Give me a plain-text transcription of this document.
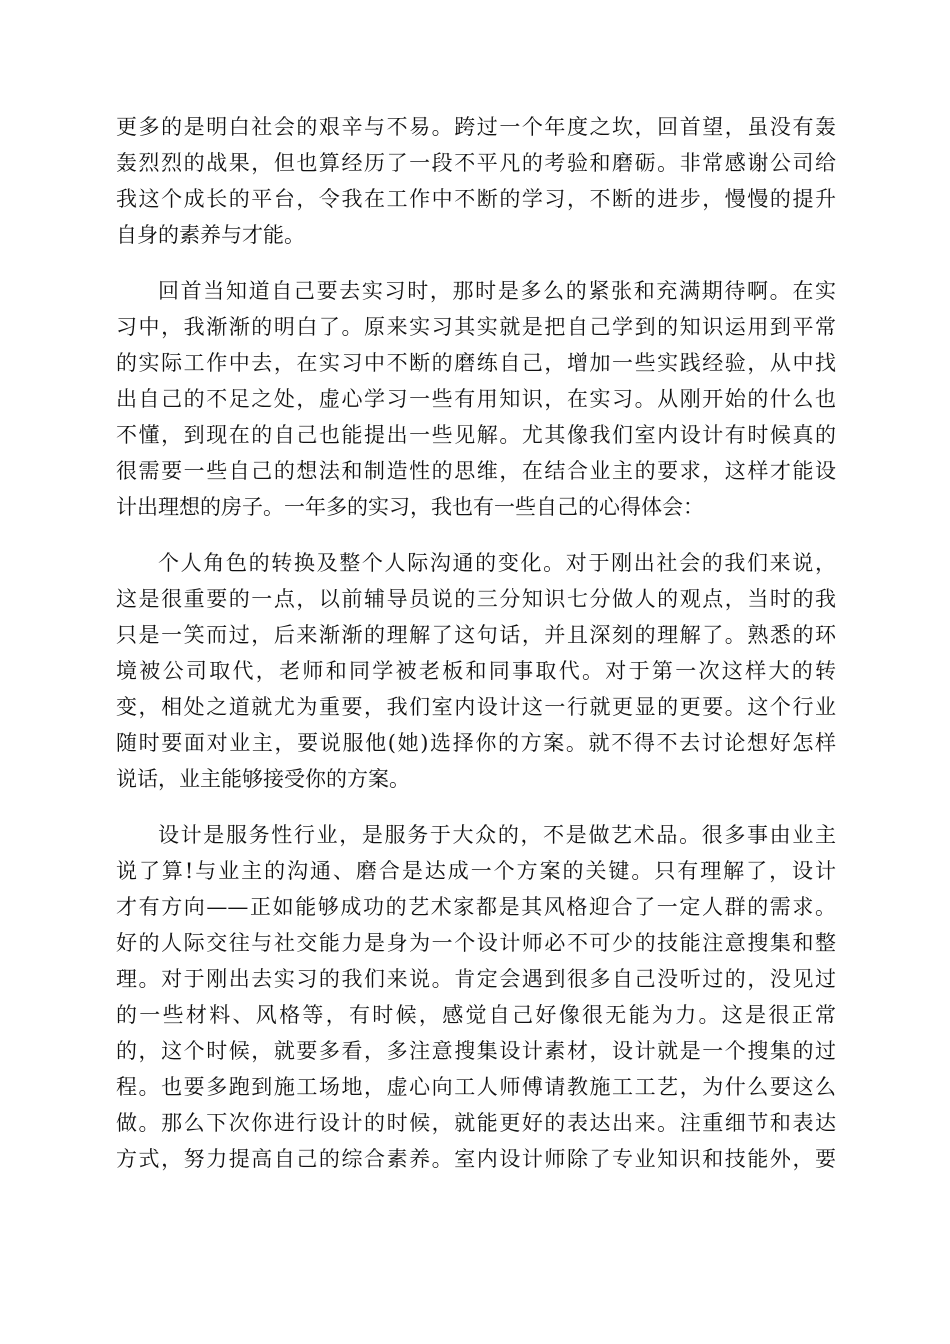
更多的是明白社会的艰辛与不易。跨过一个年度之坎，回首望，虽没有轰
轰烈烈的战果，但也算经历了一段不平凡的考验和磨砺。非常感谢公司给
我这个成长的平台，令我在工作中不断的学习，不断的进步，慢慢的提升
自身的素养与才能。
回首当知道自己要去实习时，那时是多么的紧张和充满期待啊。在实
习中，我渐渐的明白了。原来实习其实就是把自己学到的知识运用到平常
的实际工作中去，在实习中不断的磨练自己，增加一些实践经验，从中找
出自己的不足之处，虚心学习一些有用知识，在实习。从刚开始的什么也
不懂，到现在的自己也能提出一些见解。尤其像我们室内设计有时候真的
很需要一些自己的想法和制造性的思维，在结合业主的要求，这样才能设
计出理想的房子。一年多的实习，我也有一些自己的心得体会：
个人角色的转换及整个人际沟通的变化。对于刚出社会的我们来说，
这是很重要的一点，以前辅导员说的三分知识七分做人的观点，当时的我
只是一笑而过，后来渐渐的理解了这句话，并且深刻的理解了。熟悉的环
境被公司取代，老师和同学被老板和同事取代。对于第一次这样大的转
变，相处之道就尤为重要，我们室内设计这一行就更显的更要。这个行业
随时要面对业主，要说服他(她)选择你的方案。就不得不去讨论想好怎样
说话，业主能够接受你的方案。
设计是服务性行业，是服务于大众的，不是做艺术品。很多事由业主
说了算!与业主的沟通、磨合是达成一个方案的关键。只有理解了，设计
才有方向——正如能够成功的艺术家都是其风格迎合了一定人群的需求。
好的人际交往与社交能力是身为一个设计师必不可少的技能注意搜集和整
理。对于刚出去实习的我们来说。肯定会遇到很多自己没听过的，没见过
的一些材料、风格等，有时候，感觉自己好像很无能为力。这是很正常
的，这个时候，就要多看，多注意搜集设计素材，设计就是一个搜集的过
程。也要多跑到施工场地，虚心向工人师傅请教施工工艺，为什么要这么
做。那么下次你进行设计的时候，就能更好的表达出来。注重细节和表达
方式，努力提高自己的综合素养。室内设计师除了专业知识和技能外，要
